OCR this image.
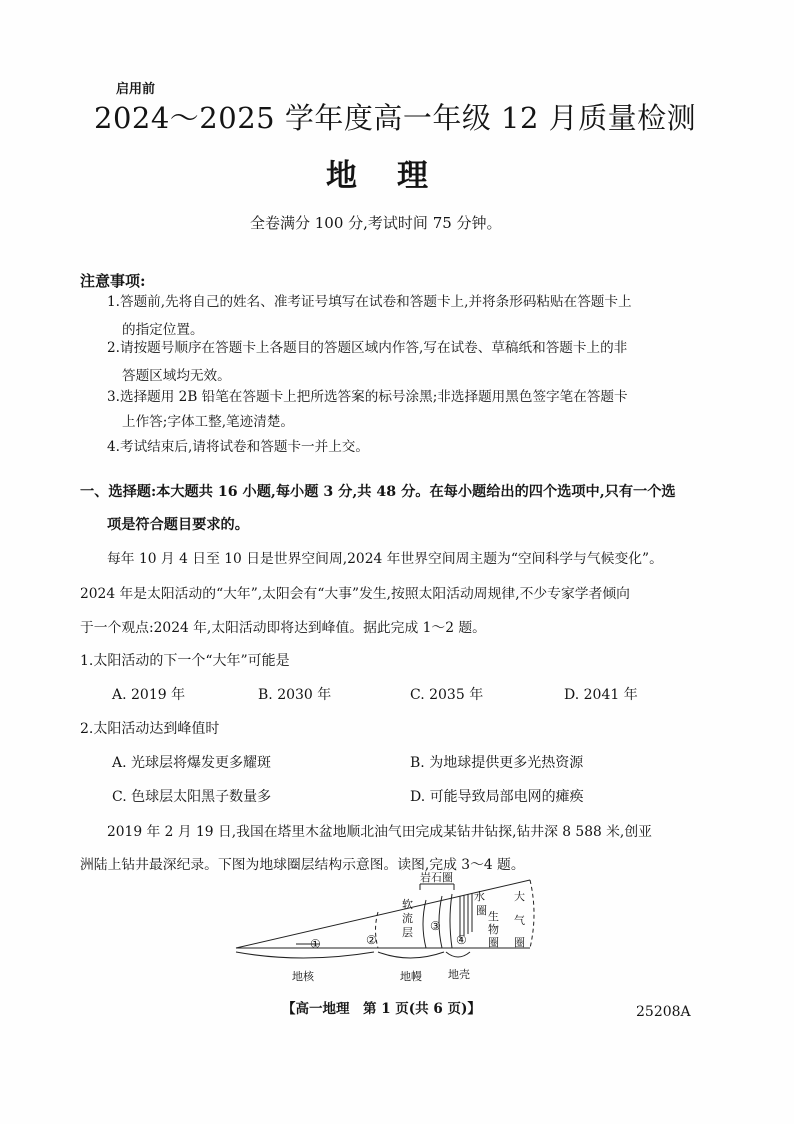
启用前
2024～2025 学年度高一年级 12 月质量检测
地理
全卷满分 100 分,考试时间 75 分钟。
注意事项:
1.答题前,先将自己的姓名、准考证号填写在试卷和答题卡上,并将条形码粘贴在答题卡上
的指定位置。
2.请按题号顺序在答题卡上各题目的答题区域内作答,写在试卷、草稿纸和答题卡上的非
答题区域均无效。
3.选择题用 2B 铅笔在答题卡上把所选答案的标号涂黑;非选择题用黑色签字笔在答题卡
上作答;字体工整,笔迹清楚。
4.考试结束后,请将试卷和答题卡一并上交。
一、选择题:本大题共 16 小题,每小题 3 分,共 48 分。在每小题给出的四个选项中,只有一个选
项是符合题目要求的。
每年 10 月 4 日至 10 日是世界空间周,2024 年世界空间周主题为“空间科学与气候变化”。
2024 年是太阳活动的“大年”,太阳会有“大事”发生,按照太阳活动周规律,不少专家学者倾向
于一个观点:2024 年,太阳活动即将达到峰值。据此完成 1～2 题。
1.太阳活动的下一个“大年”可能是
A. 2019 年	B. 2030 年	C. 2035 年	D. 2041 年
2.太阳活动达到峰值时
A. 光球层将爆发更多耀斑	B. 为地球提供更多光热资源
C. 色球层太阳黑子数量多	D. 可能导致局部电网的瘫痪
2019 年 2 月 19 日,我国在塔里木盆地顺北油气田完成某钻井钻探,钻井深 8 588 米,创亚
洲陆上钻井最深纪录。下图为地球圈层结构示意图。读图,完成 3～4 题。
岩石圈
软
流
层
水
圈 生
物
圈
大
气
圈
①	②
③
④
地核	地幔 地壳
【高一地理　第 1 页(共 6 页)】	25208A
